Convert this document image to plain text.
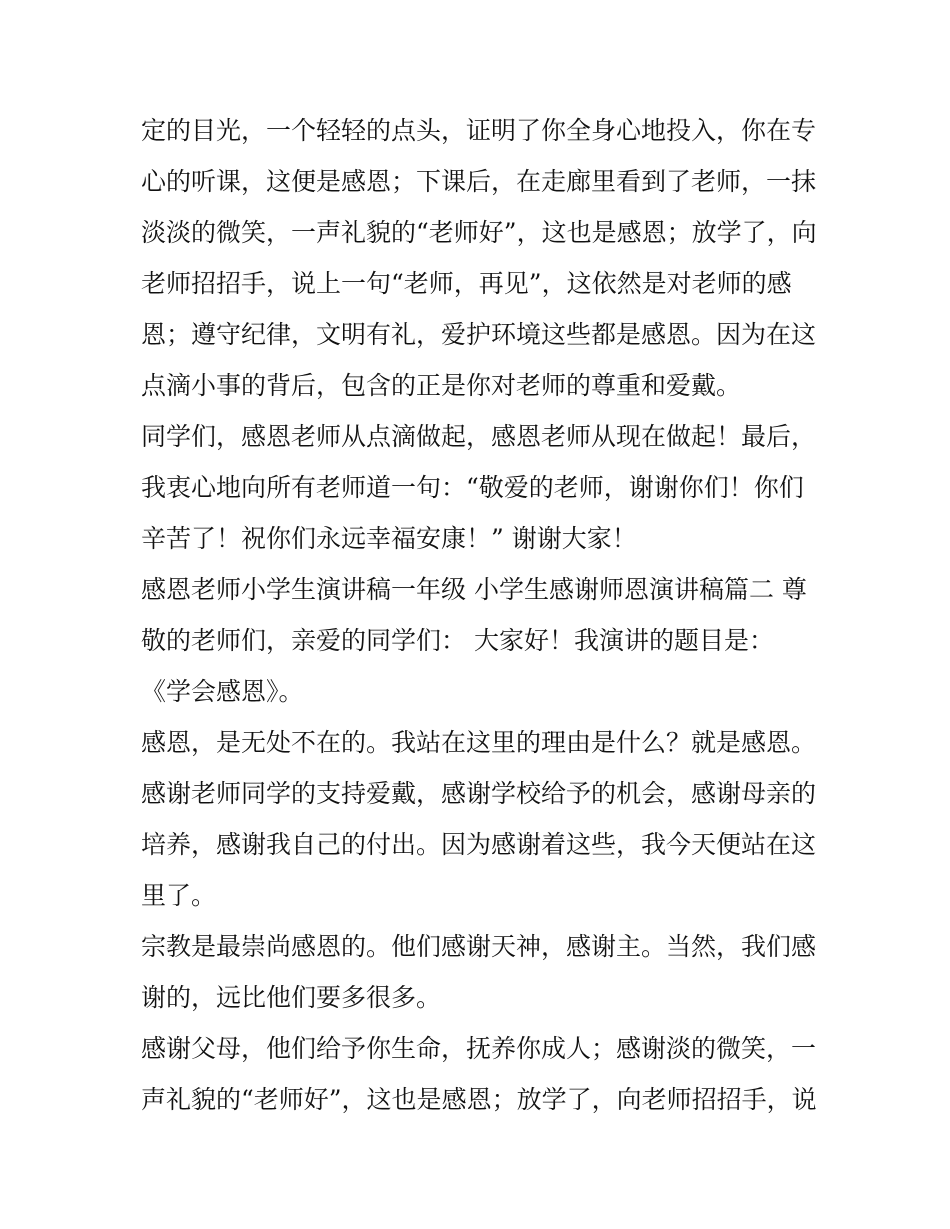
定的目光，一个轻轻的点头，证明了你全身心地投入，你在专
心的听课，这便是感恩；下课后，在走廊里看到了老师，一抹
淡淡的微笑，一声礼貌的“老师好”，这也是感恩；放学了，向
老师招招手，说上一句“老师，再见”，这依然是对老师的感
恩；遵守纪律，文明有礼，爱护环境这些都是感恩。因为在这
点滴小事的背后，包含的正是你对老师的尊重和爱戴。
同学们，感恩老师从点滴做起，感恩老师从现在做起！最后，
我衷心地向所有老师道一句：“敬爱的老师，谢谢你们！你们
辛苦了！祝你们永远幸福安康！” 谢谢大家！
感恩老师小学生演讲稿一年级 小学生感谢师恩演讲稿篇二 尊
敬的老师们，亲爱的同学们： 大家好！我演讲的题目是：
《学会感恩》。
感恩，是无处不在的。我站在这里的理由是什么？就是感恩。
感谢老师同学的支持爱戴，感谢学校给予的机会，感谢母亲的
培养，感谢我自己的付出。因为感谢着这些，我今天便站在这
里了。
宗教是最崇尚感恩的。他们感谢天神，感谢主。当然，我们感
谢的，远比他们要多很多。
感谢父母，他们给予你生命，抚养你成人；感谢淡的微笑，一
声礼貌的“老师好”，这也是感恩；放学了，向老师招招手，说
